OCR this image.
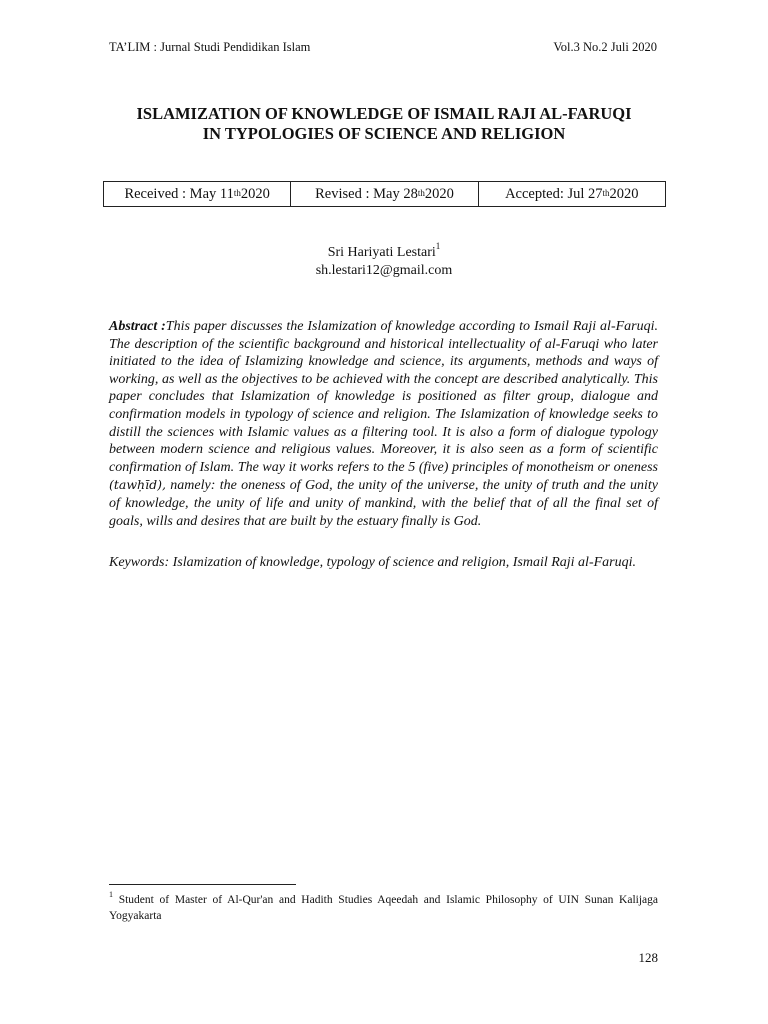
TA’LIM : Jurnal Studi Pendidikan Islam	Vol.3 No.2 Juli 2020
ISLAMIZATION OF KNOWLEDGE OF ISMAIL RAJI AL-FARUQI
IN TYPOLOGIES OF SCIENCE AND RELIGION
Received : May 11th 2020	Revised : May 28th 2020	Accepted: Jul 27th 2020
Sri Hariyati Lestari$^1$
sh.lestari12@gmail.com

Abstract :This paper discusses the Islamization of knowledge according to Ismail Raji al-Faruqi. The description of the scientific background and historical intellectuality of al-Faruqi who later initiated to the idea of Islamizing knowledge and science, its arguments, methods and ways of working, as well as the objectives to be achieved with the concept are described analytically. This paper concludes that Islamization of knowledge is positioned as filter group, dialogue and confirmation models in typology of science and religion. The Islamization of knowledge seeks to distill the sciences with Islamic values as a filtering tool. It is also a form of dialogue typology between modern science and religious values. Moreover, it is also seen as a form of scientific confirmation of Islam. The way it works refers to the 5 (five) principles of monotheism or oneness (tawḥīd), namely: the oneness of God, the unity of the universe, the unity of truth and the unity of knowledge, the unity of life and unity of mankind, with the belief that of all the final set of goals, wills and desires that are built by the estuary finally is God.

Keywords: Islamization of knowledge, typology of science and religion, Ismail Raji al-Faruqi.

$^1$ Student of Master of Al-Qur'an and Hadith Studies Aqeedah and Islamic Philosophy of UIN Sunan Kalijaga Yogyakarta
128
